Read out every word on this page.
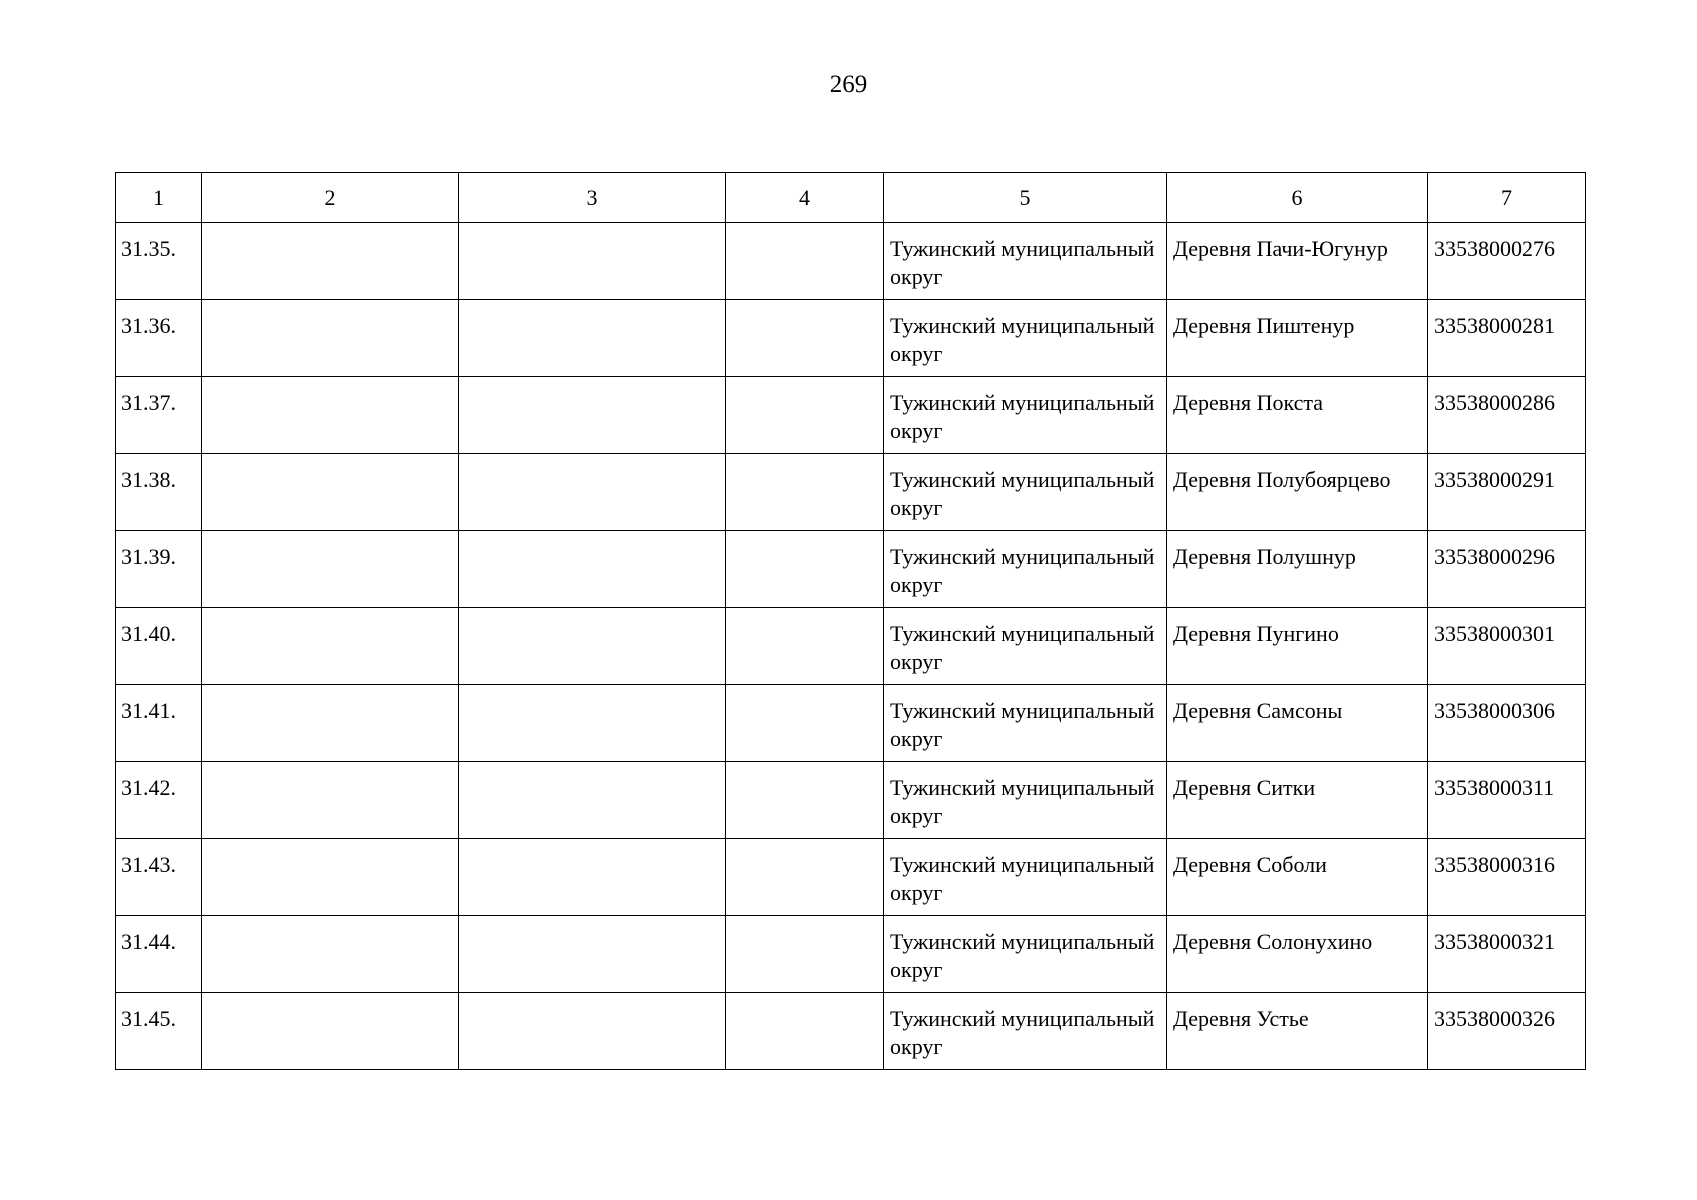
269
1	2	3	4	5	6	7
31.35.				Тужинский муниципальный округ	Деревня Пачи-Югунур	33538000276
31.36.				Тужинский муниципальный округ	Деревня Пиштенур	33538000281
31.37.				Тужинский муниципальный округ	Деревня Покста	33538000286
31.38.				Тужинский муниципальный округ	Деревня Полубоярцево	33538000291
31.39.				Тужинский муниципальный округ	Деревня Полушнур	33538000296
31.40.				Тужинский муниципальный округ	Деревня Пунгино	33538000301
31.41.				Тужинский муниципальный округ	Деревня Самсоны	33538000306
31.42.				Тужинский муниципальный округ	Деревня Ситки	33538000311
31.43.				Тужинский муниципальный округ	Деревня Соболи	33538000316
31.44.				Тужинский муниципальный округ	Деревня Солонухино	33538000321
31.45.				Тужинский муниципальный округ	Деревня Устье	33538000326
